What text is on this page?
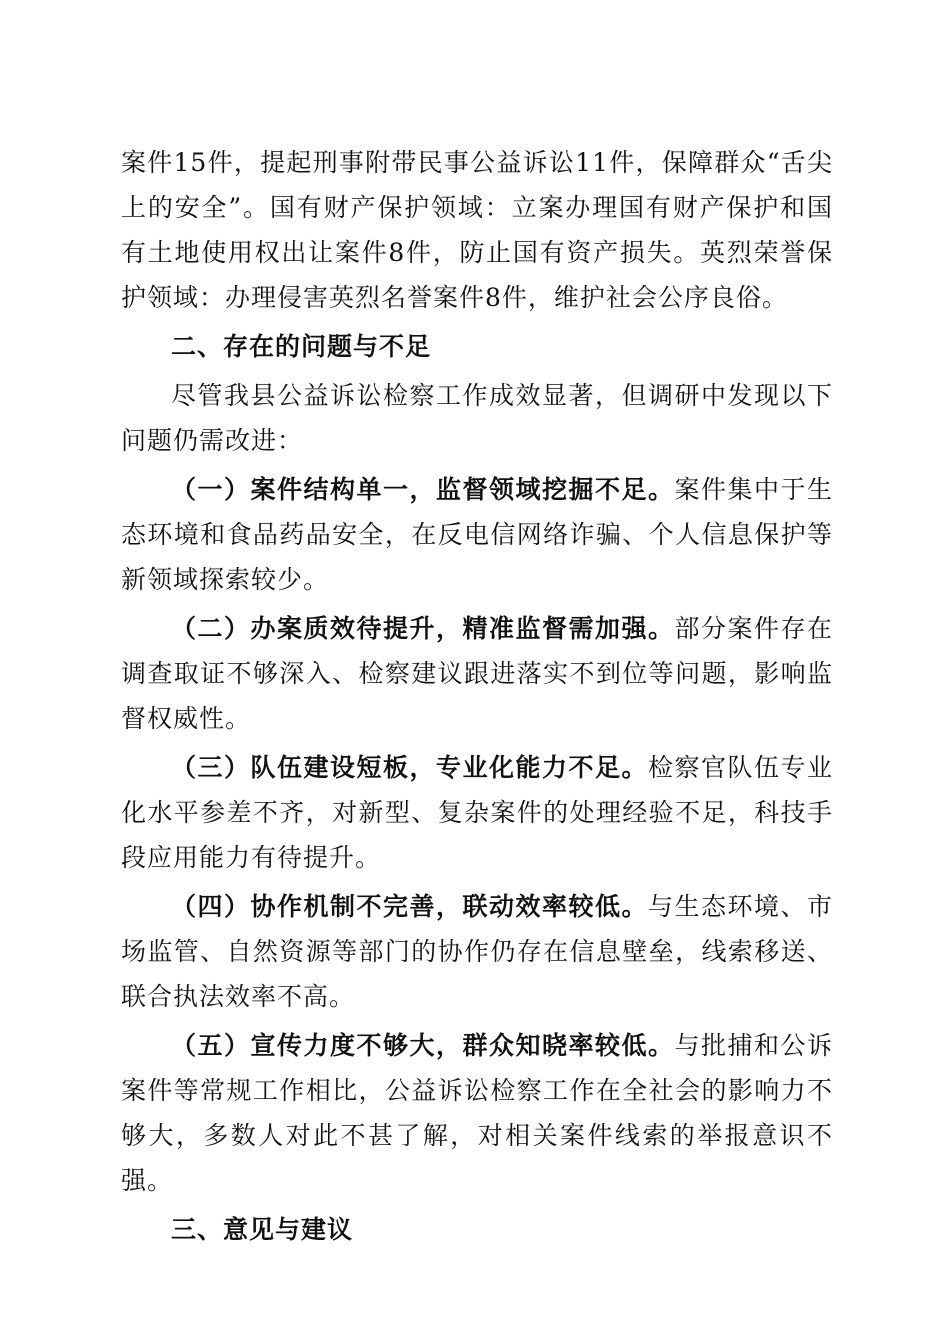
案件15件，提起刑事附带民事公益诉讼11件，保障群众“舌尖上的安全”。国有财产保护领域：立案办理国有财产保护和国有土地使用权出让案件8件，防止国有资产损失。英烈荣誉保护领域：办理侵害英烈名誉案件8件，维护社会公序良俗。

二、存在的问题与不足

尽管我县公益诉讼检察工作成效显著，但调研中发现以下问题仍需改进：

（一）案件结构单一，监督领域挖掘不足。案件集中于生态环境和食品药品安全，在反电信网络诈骗、个人信息保护等新领域探索较少。

（二）办案质效待提升，精准监督需加强。部分案件存在调查取证不够深入、检察建议跟进落实不到位等问题，影响监督权威性。

（三）队伍建设短板，专业化能力不足。检察官队伍专业化水平参差不齐，对新型、复杂案件的处理经验不足，科技手段应用能力有待提升。

（四）协作机制不完善，联动效率较低。与生态环境、市场监管、自然资源等部门的协作仍存在信息壁垒，线索移送、联合执法效率不高。

（五）宣传力度不够大，群众知晓率较低。与批捕和公诉案件等常规工作相比，公益诉讼检察工作在全社会的影响力不够大，多数人对此不甚了解，对相关案件线索的举报意识不强。

三、意见与建议
